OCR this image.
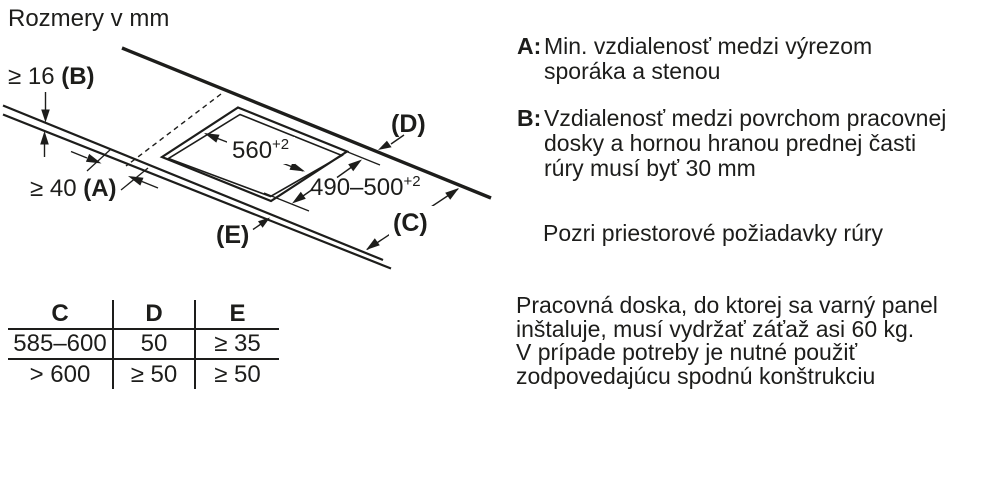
Rozmery v mm
$560^{+2}$
$490-500^{+2}$
≥ 16 (B)
≥ 40 (A)
(D)
(C)
(E)
A: Min. vzdialenosť medzi výrezom
sporáka a stenou
B: Vzdialenosť medzi povrchom pracovnej
dosky a hornou hranou prednej časti
rúry musí byť 30 mm
Pozri priestorové požiadavky rúry
Pracovná doska, do ktorej sa varný panel
inštaluje, musí vydržať záťaž asi 60 kg.
V prípade potreby je nutné použiť
zodpovedajúcu spodnú konštrukciu
C	D	E
585–600	50	≥ 35
> 600	≥ 50	≥ 50
